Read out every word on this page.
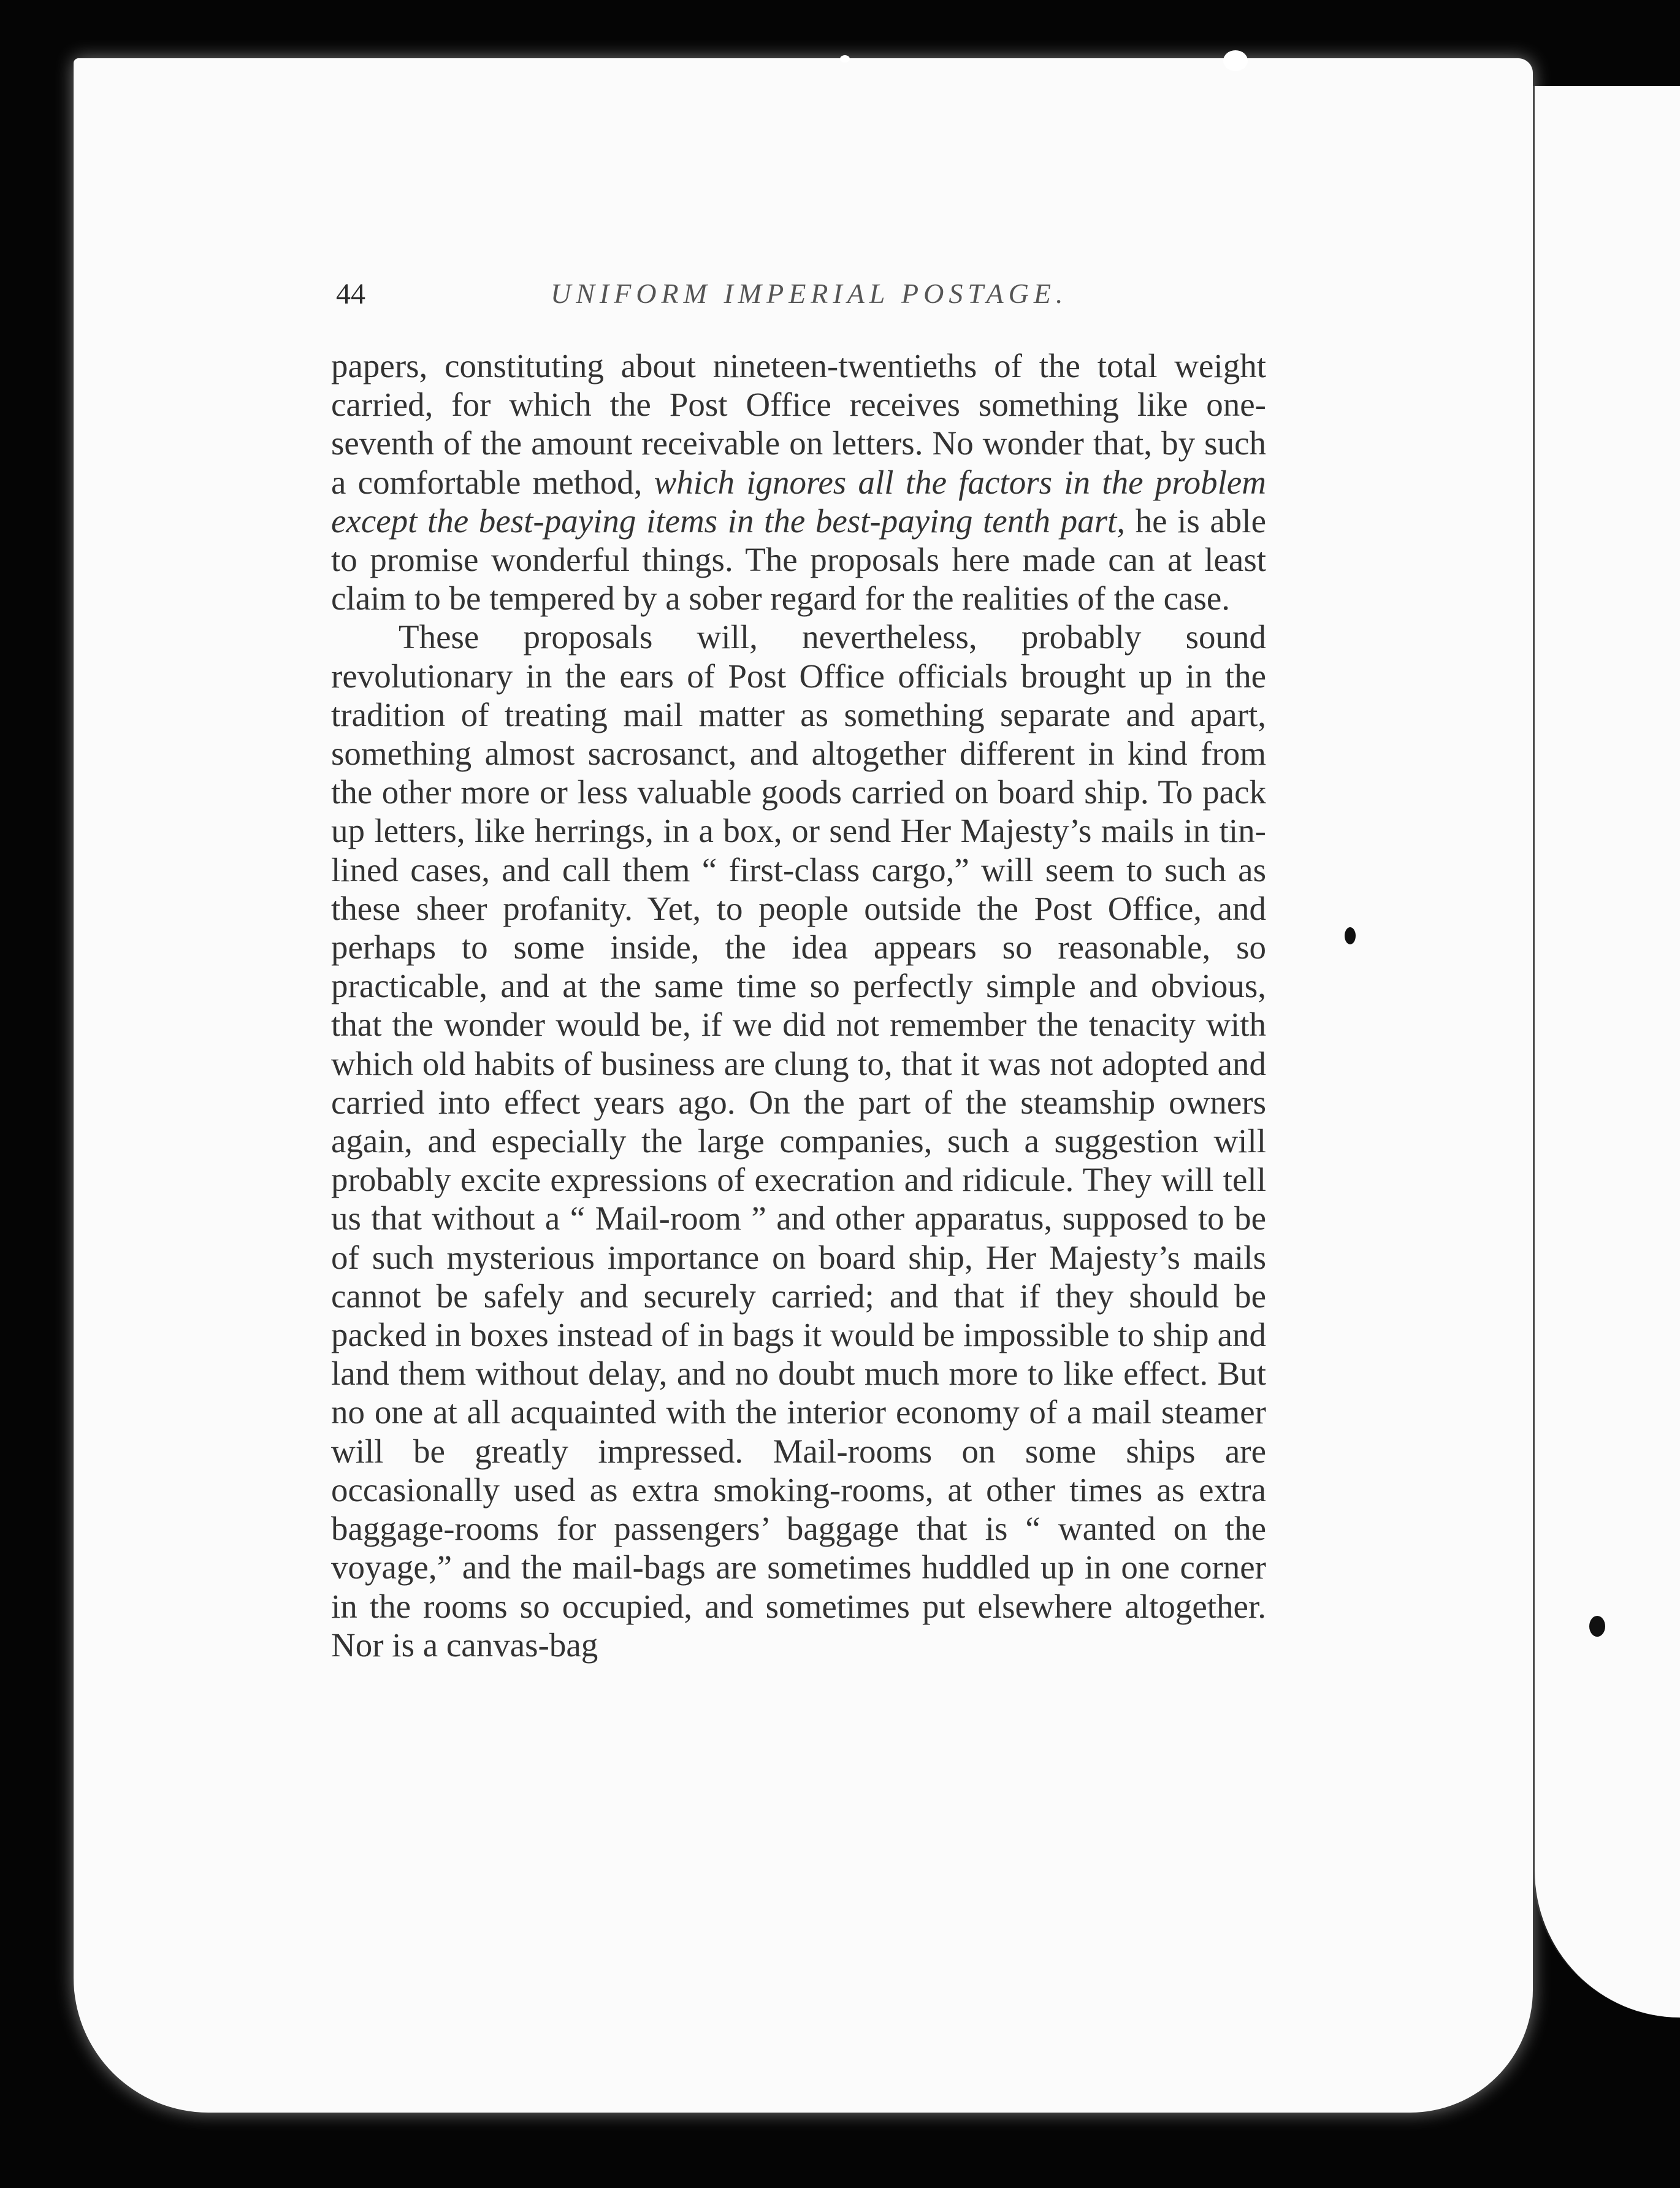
44	UNIFORM IMPERIAL POSTAGE.

papers, constituting about nineteen-twentieths of the total weight carried, for which the Post Office receives something like one-seventh of the amount receivable on letters. No wonder that, by such a comfortable method, which ignores all the factors in the problem except the best-paying items in the best-paying tenth part, he is able to promise wonderful things. The proposals here made can at least claim to be tempered by a sober regard for the realities of the case.

These proposals will, nevertheless, probably sound revolutionary in the ears of Post Office officials brought up in the tradition of treating mail matter as something separate and apart, something almost sacrosanct, and altogether different in kind from the other more or less valuable goods carried on board ship. To pack up letters, like herrings, in a box, or send Her Majesty’s mails in tin-lined cases, and call them “ first-class cargo,” will seem to such as these sheer profanity. Yet, to people outside the Post Office, and perhaps to some inside, the idea appears so reasonable, so practicable, and at the same time so perfectly simple and obvious, that the wonder would be, if we did not remember the tenacity with which old habits of business are clung to, that it was not adopted and carried into effect years ago. On the part of the steamship owners again, and especially the large companies, such a suggestion will probably excite expressions of execration and ridicule. They will tell us that without a “ Mail-room ” and other apparatus, supposed to be of such mysterious importance on board ship, Her Majesty’s mails cannot be safely and securely carried; and that if they should be packed in boxes instead of in bags it would be impossible to ship and land them without delay, and no doubt much more to like effect. But no one at all acquainted with the interior economy of a mail steamer will be greatly impressed. Mail-rooms on some ships are occasionally used as extra smoking-rooms, at other times as extra baggage-rooms for passengers’ baggage that is “ wanted on the voyage,” and the mail-bags are sometimes huddled up in one corner in the rooms so occupied, and sometimes put elsewhere altogether. Nor is a canvas-bag
